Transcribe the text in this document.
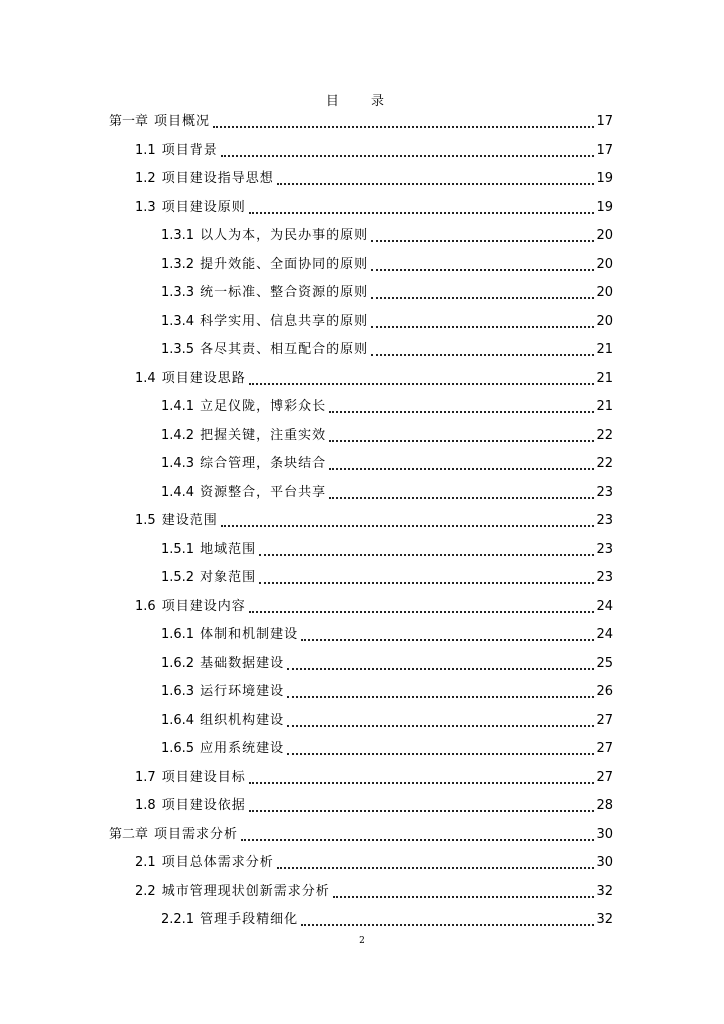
目 录
第一章 项目概况	17
1.1 项目背景	17
1.2 项目建设指导思想	19
1.3 项目建设原则	19
1.3.1 以人为本，为民办事的原则	20
1.3.2 提升效能、全面协同的原则	20
1.3.3 统一标准、整合资源的原则	20
1.3.4 科学实用、信息共享的原则	20
1.3.5 各尽其责、相互配合的原则	21
1.4 项目建设思路	21
1.4.1 立足仪陇，博彩众长	21
1.4.2 把握关键，注重实效	22
1.4.3 综合管理，条块结合	22
1.4.4 资源整合，平台共享	23
1.5 建设范围	23
1.5.1 地域范围	23
1.5.2 对象范围	23
1.6 项目建设内容	24
1.6.1 体制和机制建设	24
1.6.2 基础数据建设	25
1.6.3 运行环境建设	26
1.6.4 组织机构建设	27
1.6.5 应用系统建设	27
1.7 项目建设目标	27
1.8 项目建设依据	28
第二章 项目需求分析	30
2.1 项目总体需求分析	30
2.2 城市管理现状创新需求分析	32
2.2.1 管理手段精细化	32
2
